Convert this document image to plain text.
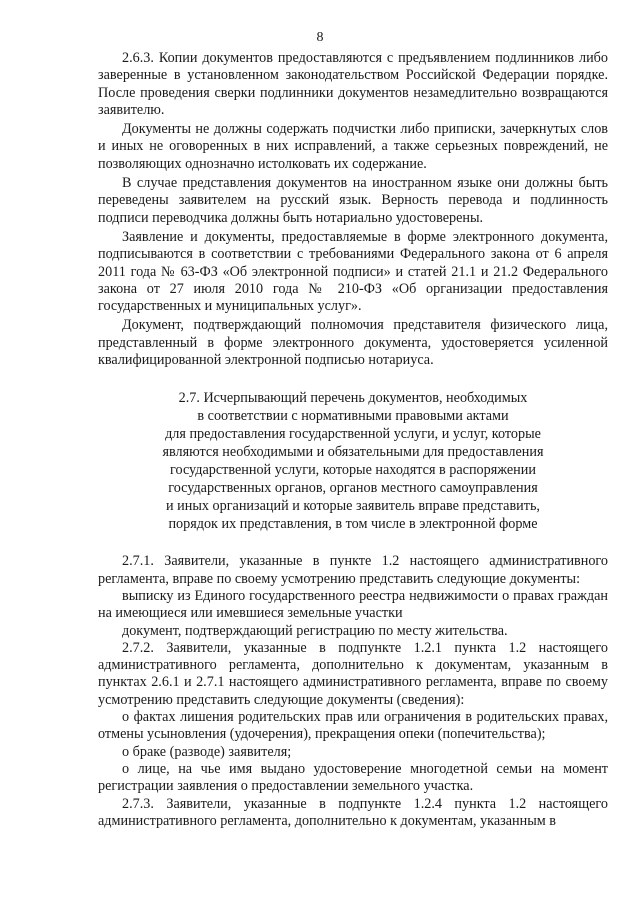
8

2.6.3. Копии документов предоставляются с предъявлением подлинников либо заверенные в установленном законодательством Российской Федерации порядке. После проведения сверки подлинники документов незамедлительно возвращаются заявителю.

Документы не должны содержать подчистки либо приписки, зачеркнутых слов и иных не оговоренных в них исправлений, а также серьезных повреждений, не позволяющих однозначно истолковать их содержание.

В случае представления документов на иностранном языке они должны быть переведены заявителем на русский язык. Верность перевода и подлинность подписи переводчика должны быть нотариально удостоверены.

Заявление и документы, предоставляемые в форме электронного документа, подписываются в соответствии с требованиями Федерального закона от 6 апреля 2011 года № 63-ФЗ «Об электронной подписи» и статей 21.1 и 21.2 Федерального закона от 27 июля 2010 года № 210-ФЗ «Об организации предоставления государственных и муниципальных услуг».

Документ, подтверждающий полномочия представителя физического лица, представленный в форме электронного документа, удостоверяется усиленной квалифицированной электронной подписью нотариуса.

2.7. Исчерпывающий перечень документов, необходимых
в соответствии с нормативными правовыми актами
для предоставления государственной услуги, и услуг, которые
являются необходимыми и обязательными для предоставления
государственной услуги, которые находятся в распоряжении
государственных органов, органов местного самоуправления
и иных организаций и которые заявитель вправе представить,
порядок их представления, в том числе в электронной форме

2.7.1. Заявители, указанные в пункте 1.2 настоящего административного регламента, вправе по своему усмотрению представить следующие документы:

выписку из Единого государственного реестра недвижимости о правах граждан на имеющиеся или имевшиеся земельные участки

документ, подтверждающий регистрацию по месту жительства.

2.7.2. Заявители, указанные в подпункте 1.2.1 пункта 1.2 настоящего административного регламента, дополнительно к документам, указанным в пунктах 2.6.1 и 2.7.1 настоящего административного регламента, вправе по своему усмотрению представить следующие документы (сведения):

о фактах лишения родительских прав или ограничения в родительских правах, отмены усыновления (удочерения), прекращения опеки (попечительства);

о браке (разводе) заявителя;

о лице, на чье имя выдано удостоверение многодетной семьи на момент регистрации заявления о предоставлении земельного участка.

2.7.3. Заявители, указанные в подпункте 1.2.4 пункта 1.2 настоящего административного регламента, дополнительно к документам, указанным в
